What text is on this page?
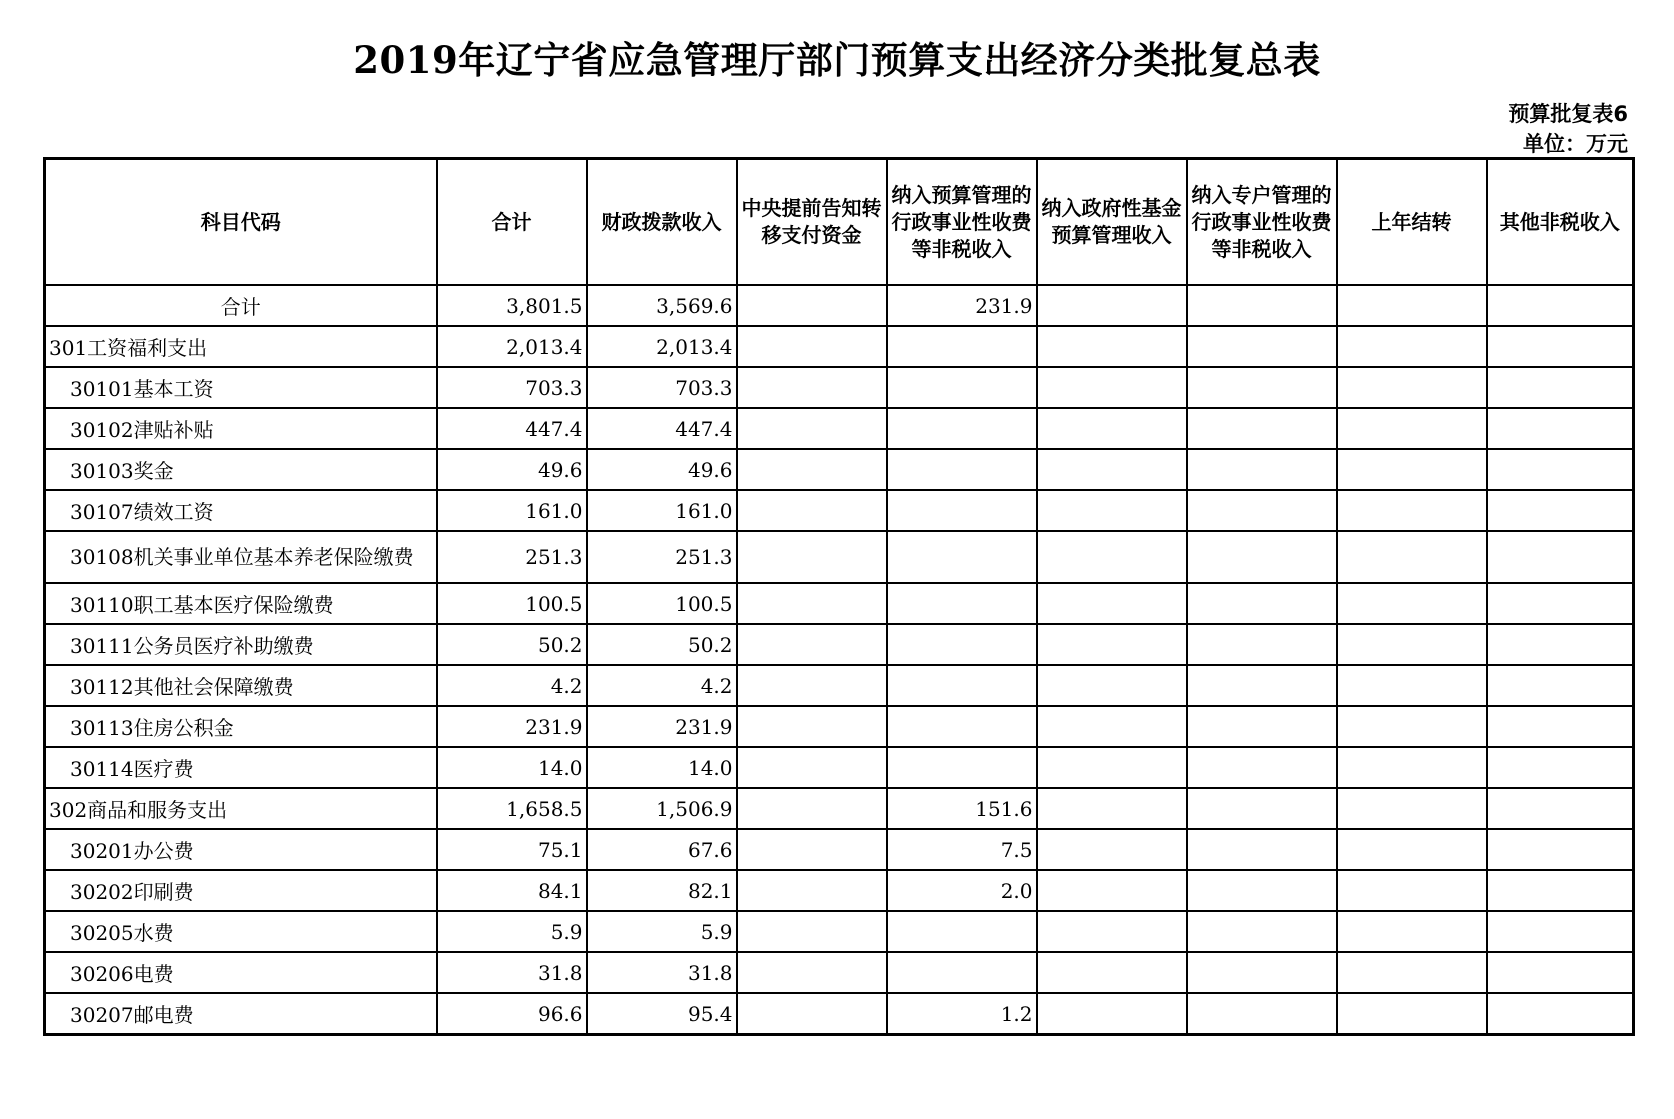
2019年辽宁省应急管理厅部门预算支出经济分类批复总表
预算批复表6
单位：万元
科目代码	合计	财政拨款收入	中央提前告知转移支付资金	纳入预算管理的行政事业性收费等非税收入	纳入政府性基金预算管理收入	纳入专户管理的行政事业性收费等非税收入	上年结转	其他非税收入
合计	3,801.5	3,569.6		231.9				
301工资福利支出	2,013.4	2,013.4						
30101基本工资	703.3	703.3						
30102津贴补贴	447.4	447.4						
30103奖金	49.6	49.6						
30107绩效工资	161.0	161.0						
30108机关事业单位基本养老保险缴费	251.3	251.3						
30110职工基本医疗保险缴费	100.5	100.5						
30111公务员医疗补助缴费	50.2	50.2						
30112其他社会保障缴费	4.2	4.2						
30113住房公积金	231.9	231.9						
30114医疗费	14.0	14.0						
302商品和服务支出	1,658.5	1,506.9		151.6				
30201办公费	75.1	67.6		7.5				
30202印刷费	84.1	82.1		2.0				
30205水费	5.9	5.9						
30206电费	31.8	31.8						
30207邮电费	96.6	95.4		1.2				
